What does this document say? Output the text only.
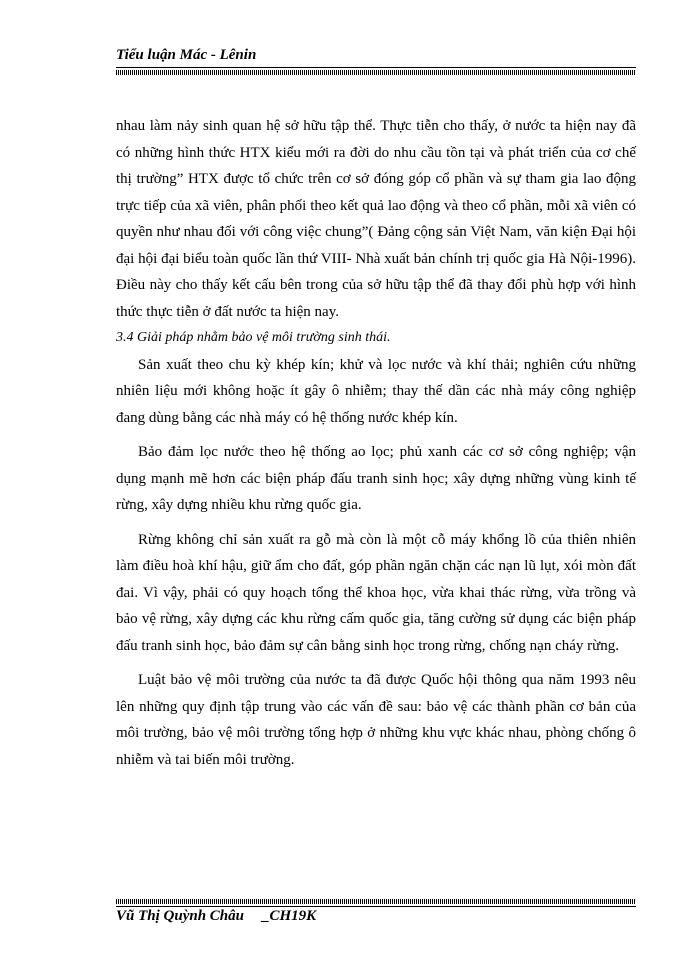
Tiểu luận Mác - Lênin

nhau làm nảy sinh quan hệ sở hữu tập thể. Thực tiễn cho thấy, ở nước ta hiện nay đã có những hình thức HTX kiểu mới ra đời do nhu cầu tồn tại và phát triển của cơ chế thị trường” HTX được tổ chức trên cơ sở đóng góp cổ phần và sự tham gia lao động trực tiếp của xã viên, phân phối theo kết quả lao động và theo cổ phần, mỗi xã viên có quyền như nhau đối với công việc chung”( Đảng cộng sản Việt Nam, văn kiện Đại hội đại hội đại biểu toàn quốc lần thứ VIII- Nhà xuất bản chính trị quốc gia Hà Nội-1996). Điều này cho thấy kết cấu bên trong của sở hữu tập thể đã thay đổi phù hợp với hình thức thực tiễn ở đất nước ta hiện nay.

3.4 Giải pháp nhằm bảo vệ môi trường sinh thái.

Sản xuất theo chu kỳ khép kín; khử và lọc nước và khí thải; nghiên cứu những nhiên liệu mới không hoặc ít gây ô nhiễm; thay thế dần các nhà máy công nghiệp đang dùng bằng các nhà máy có hệ thống nước khép kín.

Bảo đảm lọc nước theo hệ thống ao lọc; phủ xanh các cơ sở công nghiệp; vận dụng mạnh mẽ hơn các biện pháp đấu tranh sinh học; xây dựng những vùng kinh tế rừng, xây dựng nhiều khu rừng quốc gia.

Rừng không chỉ sản xuất ra gỗ mà còn là một cỗ máy khổng lồ của thiên nhiên làm điều hoà khí hậu, giữ ẩm cho đất, góp phần ngăn chặn các nạn lũ lụt, xói mòn đất đai. Vì vậy, phải có quy hoạch tổng thể khoa học, vừa khai thác rừng, vừa trồng và bảo vệ rừng, xây dựng các khu rừng cấm quốc gia, tăng cường sử dụng các biện pháp đấu tranh sinh học, bảo đảm sự cân bằng sinh học trong rừng, chống nạn cháy rừng.

Luật bảo vệ môi trường của nước ta đã được Quốc hội thông qua năm 1993 nêu lên những quy định tập trung vào các vấn đề sau: bảo vệ các thành phần cơ bản của môi trường, bảo vệ môi trường tổng hợp ở những khu vực khác nhau, phòng chống ô nhiễm và tai biến môi trường.

Vũ Thị Quỳnh Châu _CH19K
